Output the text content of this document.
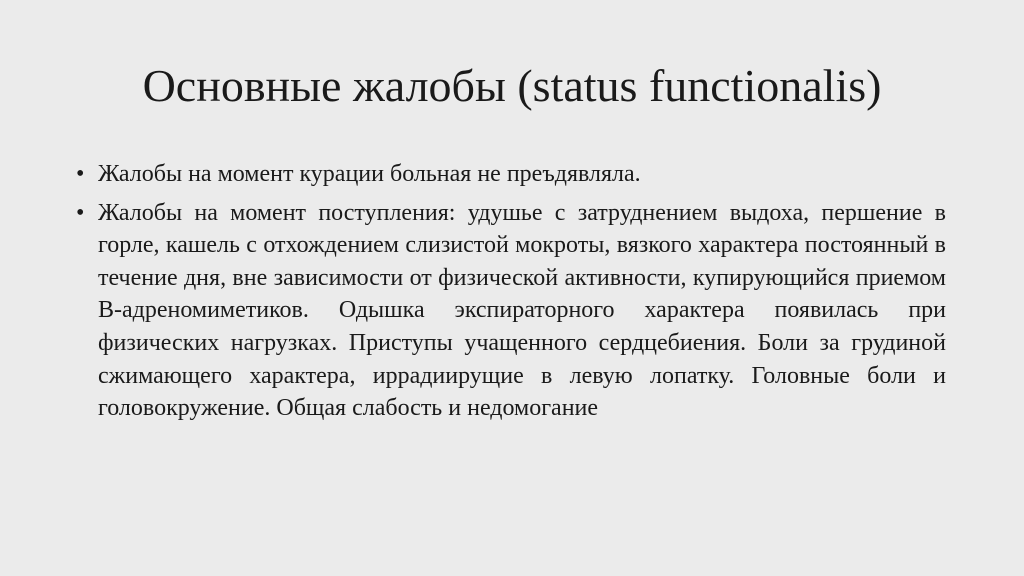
Основные жалобы (status functionalis)
• Жалобы на момент курации больная не преъдявляла.
• Жалобы на момент поступления: удушье с затруднением выдоха, першение в горле, кашель с отхождением слизистой мокроты, вязкого характера постоянный в течение дня, вне зависимости от физической активности, купирующийся приемом В-адреномиметиков. Одышка экспираторного характера появилась при физических нагрузках. Приступы учащенного сердцебиения. Боли за грудиной сжимающего характера, иррадиирущие в левую лопатку. Головные боли и головокружение. Общая слабость и недомогание
